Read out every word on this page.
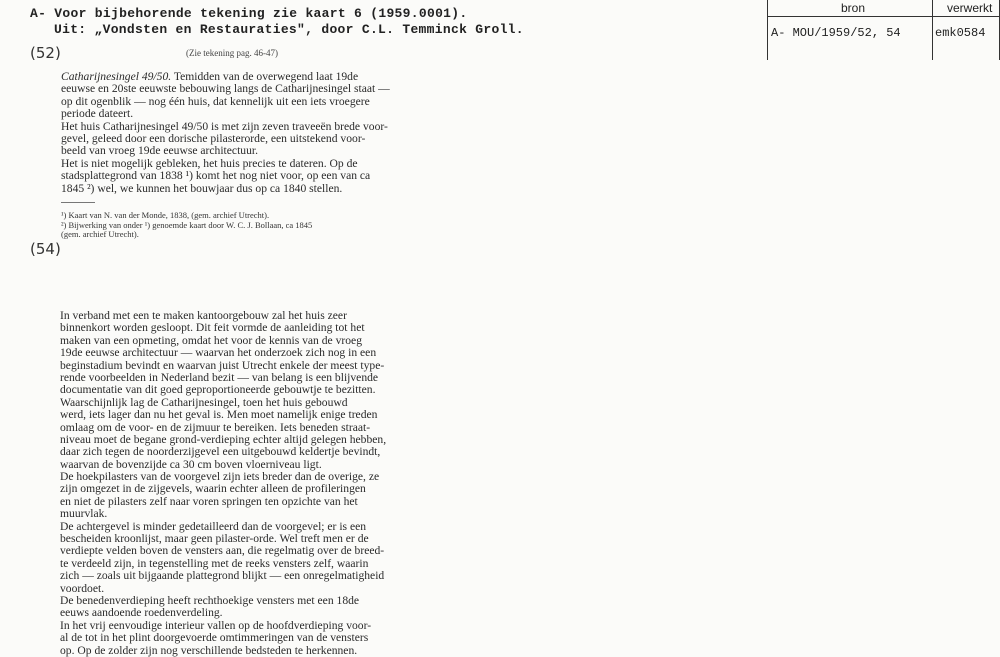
A- Voor bijbehorende tekening zie kaart 6 (1959.0001).
Uit: „Vondsten en Restauraties", door C.L. Temminck Groll.
(52)	(Zie tekening pag. 46-47)
(54)
bron	verwerkt
A- MOU/1959/52, 54	emk0584
Catharijnesingel 49/50. Temidden van de overwegend laat 19de
eeuwse en 20ste eeuwste bebouwing langs de Catharijnesingel staat —
op dit ogenblik — nog één huis, dat kennelijk uit een iets vroegere
periode dateert.
Het huis Catharijnesingel 49/50 is met zijn zeven traveeën brede voor-
gevel, geleed door een dorische pilasterorde, een uitstekend voor-
beeld van vroeg 19de eeuwse architectuur.
Het is niet mogelijk gebleken, het huis precies te dateren. Op de
stadsplattegrond van 1838 ¹) komt het nog niet voor, op een van ca
1845 ²) wel, we kunnen het bouwjaar dus op ca 1840 stellen.
¹) Kaart van N. van der Monde, 1838, (gem. archief Utrecht).
²) Bijwerking van onder ¹) genoemde kaart door W. C. J. Bollaan, ca 1845
(gem. archief Utrecht).
In verband met een te maken kantoorgebouw zal het huis zeer
binnenkort worden gesloopt. Dit feit vormde de aanleiding tot het
maken van een opmeting, omdat het voor de kennis van de vroeg
19de eeuwse architectuur — waarvan het onderzoek zich nog in een
beginstadium bevindt en waarvan juist Utrecht enkele der meest type-
rende voorbeelden in Nederland bezit — van belang is een blijvende
documentatie van dit goed geproportioneerde gebouwtje te bezitten.
Waarschijnlijk lag de Catharijnesingel, toen het huis gebouwd
werd, iets lager dan nu het geval is. Men moet namelijk enige treden
omlaag om de voor- en de zijmuur te bereiken. Iets beneden straat-
niveau moet de begane grond-verdieping echter altijd gelegen hebben,
daar zich tegen de noorderzijgevel een uitgebouwd keldertje bevindt,
waarvan de bovenzijde ca 30 cm boven vloerniveau ligt.
De hoekpilasters van de voorgevel zijn iets breder dan de overige, ze
zijn omgezet in de zijgevels, waarin echter alleen de profileringen
en niet de pilasters zelf naar voren springen ten opzichte van het
muurvlak.
De achtergevel is minder gedetailleerd dan de voorgevel; er is een
bescheiden kroonlijst, maar geen pilaster-orde. Wel treft men er de
verdiepte velden boven de vensters aan, die regelmatig over de breed-
te verdeeld zijn, in tegenstelling met de reeks vensters zelf, waarin
zich — zoals uit bijgaande plattegrond blijkt — een onregelmatigheid
voordoet.
De benedenverdieping heeft rechthoekige vensters met een 18de
eeuws aandoende roedenverdeling.
In het vrij eenvoudige interieur vallen op de hoofdverdieping voor-
al de tot in het plint doorgevoerde omtimmeringen van de vensters
op. Op de zolder zijn nog verschillende bedsteden te herkennen.
